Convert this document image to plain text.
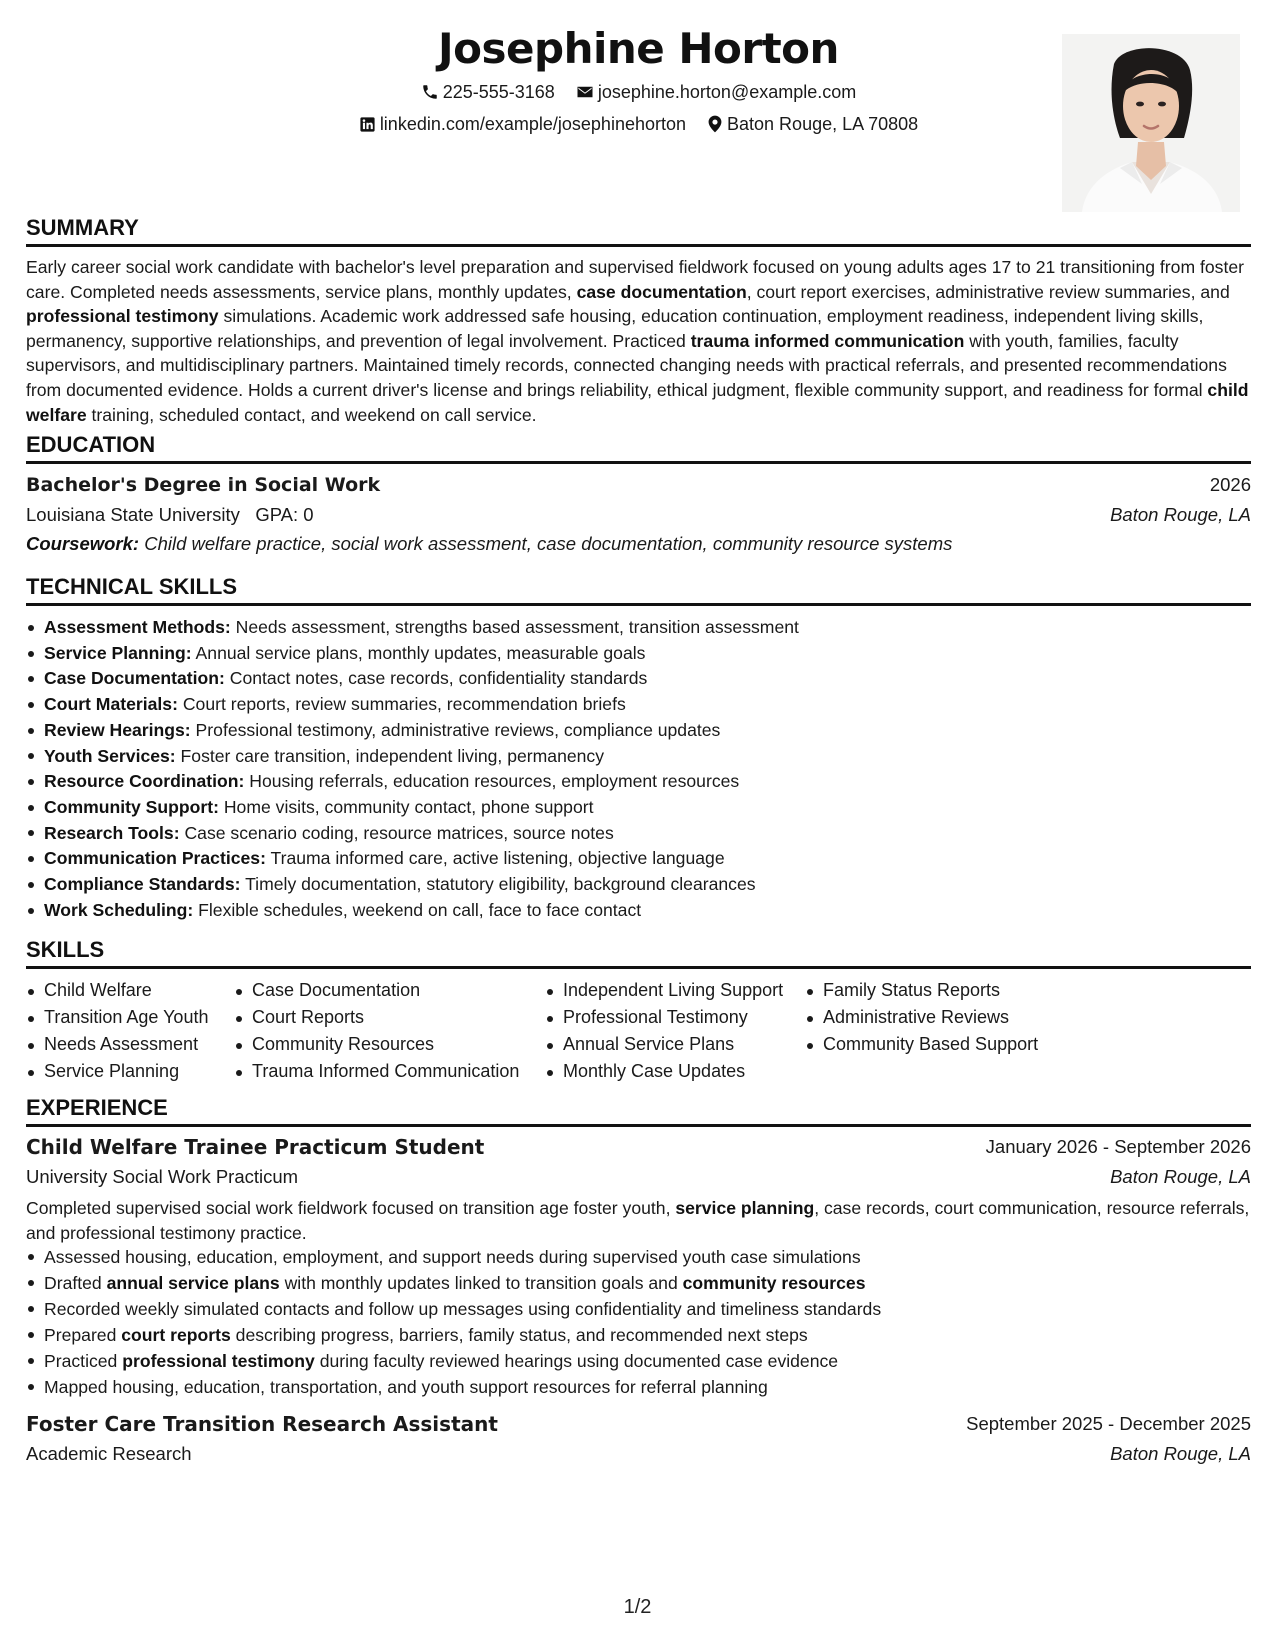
Josephine Horton
225-555-3168 josephine.horton@example.com
linkedin.com/example/josephinehorton Baton Rouge, LA 70808
SUMMARY
Early career social work candidate with bachelor's level preparation and supervised fieldwork focused on young adults ages 17 to 21 transitioning from foster care. Completed needs assessments, service plans, monthly updates, case documentation, court report exercises, administrative review summaries, and professional testimony simulations. Academic work addressed safe housing, education continuation, employment readiness, independent living skills, permanency, supportive relationships, and prevention of legal involvement. Practiced trauma informed communication with youth, families, faculty supervisors, and multidisciplinary partners. Maintained timely records, connected changing needs with practical referrals, and presented recommendations from documented evidence. Holds a current driver's license and brings reliability, ethical judgment, flexible community support, and readiness for formal child welfare training, scheduled contact, and weekend on call service.
EDUCATION
Bachelor's Degree in Social Work	2026
Louisiana State University GPA: 0	Baton Rouge, LA
Coursework: Child welfare practice, social work assessment, case documentation, community resource systems
TECHNICAL SKILLS
Assessment Methods: Needs assessment, strengths based assessment, transition assessment
Service Planning: Annual service plans, monthly updates, measurable goals
Case Documentation: Contact notes, case records, confidentiality standards
Court Materials: Court reports, review summaries, recommendation briefs
Review Hearings: Professional testimony, administrative reviews, compliance updates
Youth Services: Foster care transition, independent living, permanency
Resource Coordination: Housing referrals, education resources, employment resources
Community Support: Home visits, community contact, phone support
Research Tools: Case scenario coding, resource matrices, source notes
Communication Practices: Trauma informed care, active listening, objective language
Compliance Standards: Timely documentation, statutory eligibility, background clearances
Work Scheduling: Flexible schedules, weekend on call, face to face contact
SKILLS
Child Welfare
Transition Age Youth
Needs Assessment
Service Planning
Case Documentation
Court Reports
Community Resources
Trauma Informed Communication
Independent Living Support
Professional Testimony
Annual Service Plans
Monthly Case Updates
Family Status Reports
Administrative Reviews
Community Based Support
EXPERIENCE
Child Welfare Trainee Practicum Student	January 2026 - September 2026
University Social Work Practicum	Baton Rouge, LA
Completed supervised social work fieldwork focused on transition age foster youth, service planning, case records, court communication, resource referrals, and professional testimony practice.
Assessed housing, education, employment, and support needs during supervised youth case simulations
Drafted annual service plans with monthly updates linked to transition goals and community resources
Recorded weekly simulated contacts and follow up messages using confidentiality and timeliness standards
Prepared court reports describing progress, barriers, family status, and recommended next steps
Practiced professional testimony during faculty reviewed hearings using documented case evidence
Mapped housing, education, transportation, and youth support resources for referral planning
Foster Care Transition Research Assistant	September 2025 - December 2025
Academic Research	Baton Rouge, LA
1/2
